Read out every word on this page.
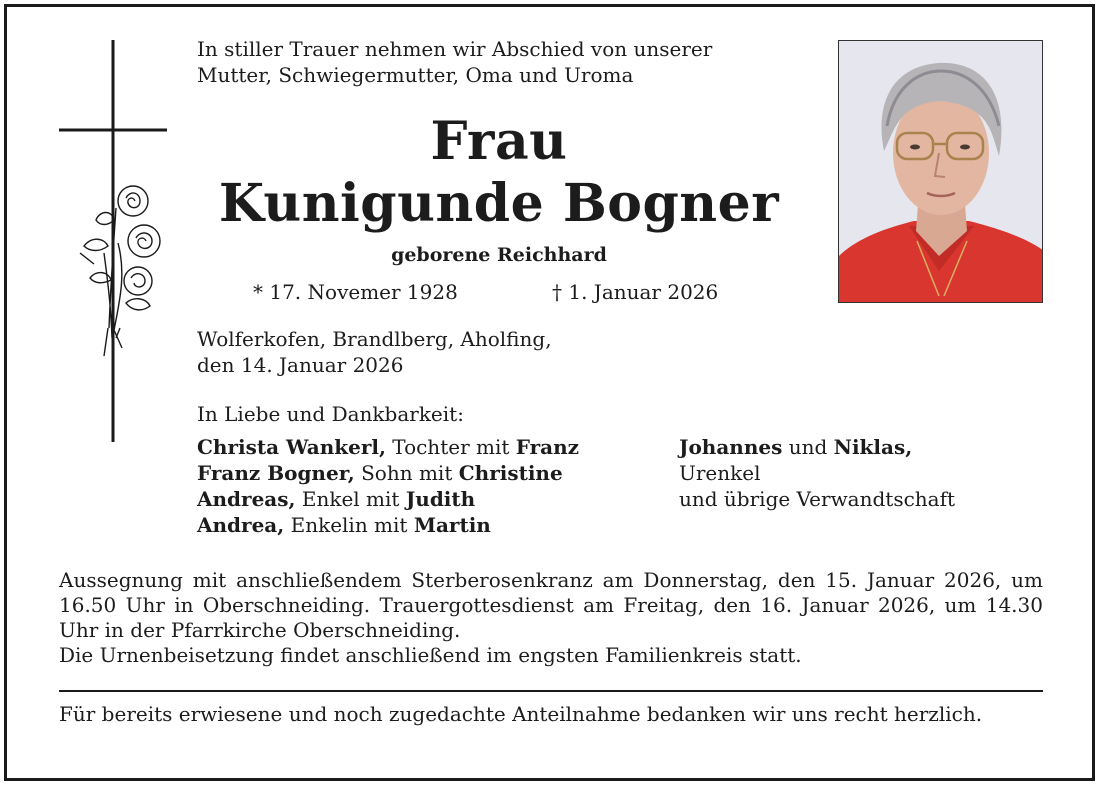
In stiller Trauer nehmen wir Abschied von unserer
Mutter, Schwiegermutter, Oma und Uroma
Frau
Kunigunde Bogner
geborene Reichhard
* 17. Novemer 1928	† 1. Januar 2026
Wolferkofen, Brandlberg, Aholfing,
den 14. Januar 2026
In Liebe und Dankbarkeit:
Christa Wankerl, Tochter mit Franz
Franz Bogner, Sohn mit Christine
Andreas, Enkel mit Judith
Andrea, Enkelin mit Martin
Johannes und Niklas,
Urenkel
und übrige Verwandtschaft

Aussegnung mit anschließendem Sterberosenkranz am Donnerstag, den 15. Januar 2026, um 16.50 Uhr in Oberschneiding. Trauergottesdienst am Freitag, den 16. Januar 2026, um 14.30 Uhr in der Pfarrkirche Oberschneiding.

Die Urnenbeisetzung findet anschließend im engsten Familienkreis statt.

Für bereits erwiesene und noch zugedachte Anteilnahme bedanken wir uns recht herzlich.
